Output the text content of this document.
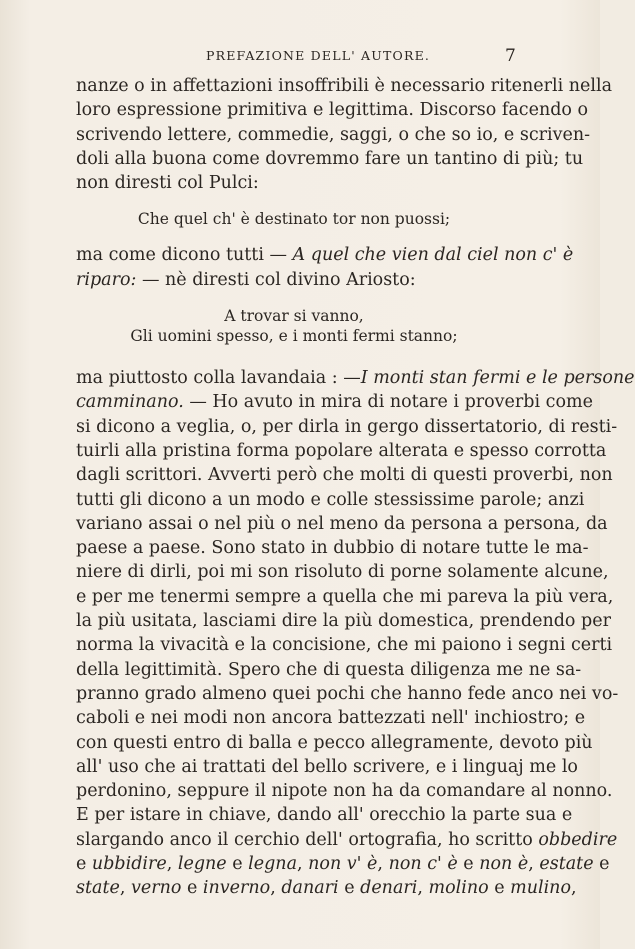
PREFAZIONE DELL' AUTORE.	7
nanze o in affettazioni insoffribili è necessario ritenerli nella
loro espressione primitiva e legittima. Discorso facendo o
scrivendo lettere, commedie, saggi, o che so io, e scriven-
doli alla buona come dovremmo fare un tantino di più; tu
non diresti col Pulci:
Che quel ch' è destinato tor non puossi;
ma come dicono tutti — A quel che vien dal ciel non c' è
riparo: — nè diresti col divino Ariosto:
A trovar si vanno,
Gli uomini spesso, e i monti fermi stanno;
ma piuttosto colla lavandaia : —I monti stan fermi e le persone
camminano. — Ho avuto in mira di notare i proverbi come
si dicono a veglia, o, per dirla in gergo dissertatorio, di resti-
tuirli alla pristina forma popolare alterata e spesso corrotta
dagli scrittori. Avverti però che molti di questi proverbi, non
tutti gli dicono a un modo e colle stessissime parole; anzi
variano assai o nel più o nel meno da persona a persona, da
paese a paese. Sono stato in dubbio di notare tutte le ma-
niere di dirli, poi mi son risoluto di porne solamente alcune,
e per me tenermi sempre a quella che mi pareva la più vera,
la più usitata, lasciami dire la più domestica, prendendo per
norma la vivacità e la concisione, che mi paiono i segni certi
della legittimità. Spero che di questa diligenza me ne sa-
pranno grado almeno quei pochi che hanno fede anco nei vo-
caboli e nei modi non ancora battezzati nell' inchiostro; e
con questi entro di balla e pecco allegramente, devoto più
all' uso che ai trattati del bello scrivere, e i linguaj me lo
perdonino, seppure il nipote non ha da comandare al nonno.
E per istare in chiave, dando all' orecchio la parte sua e
slargando anco il cerchio dell' ortografia, ho scritto obbedire
e ubbidire, legne e legna, non v' è, non c' è e non è, estate e
state, verno e inverno, danari e denari, molino e mulino,
